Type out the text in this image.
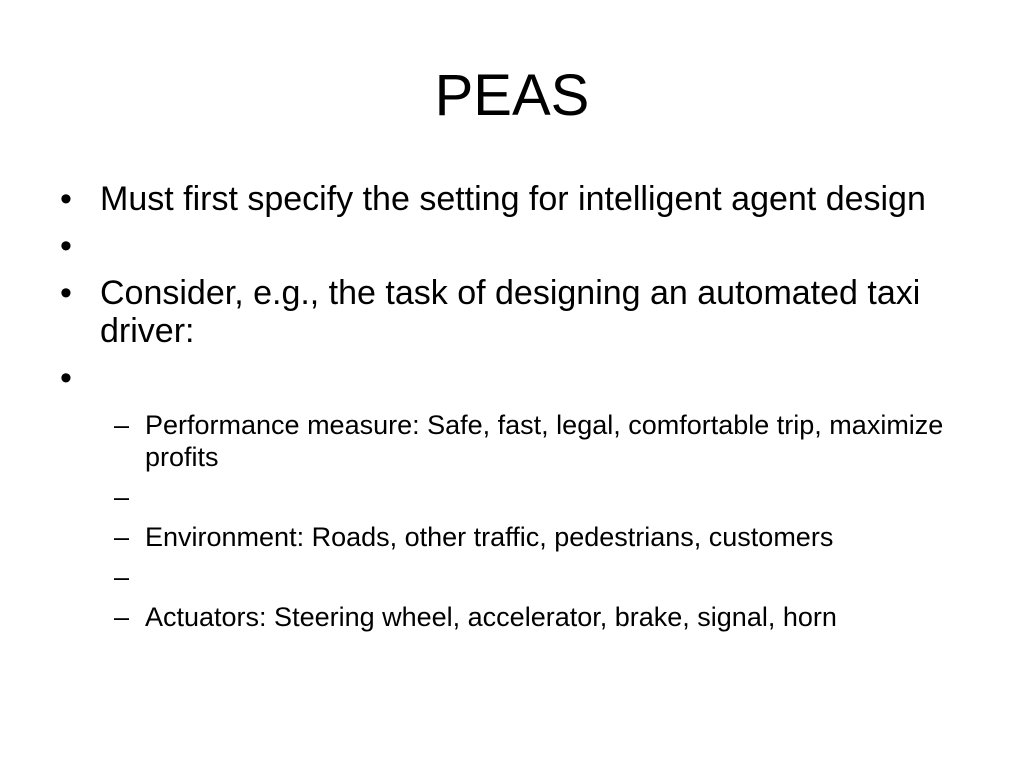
PEAS
• Must first specify the setting for intelligent agent design
•
• Consider, e.g., the task of designing an automated taxi driver:
•
– Performance measure: Safe, fast, legal, comfortable trip, maximize profits
–
– Environment: Roads, other traffic, pedestrians, customers
–
– Actuators: Steering wheel, accelerator, brake, signal, horn
